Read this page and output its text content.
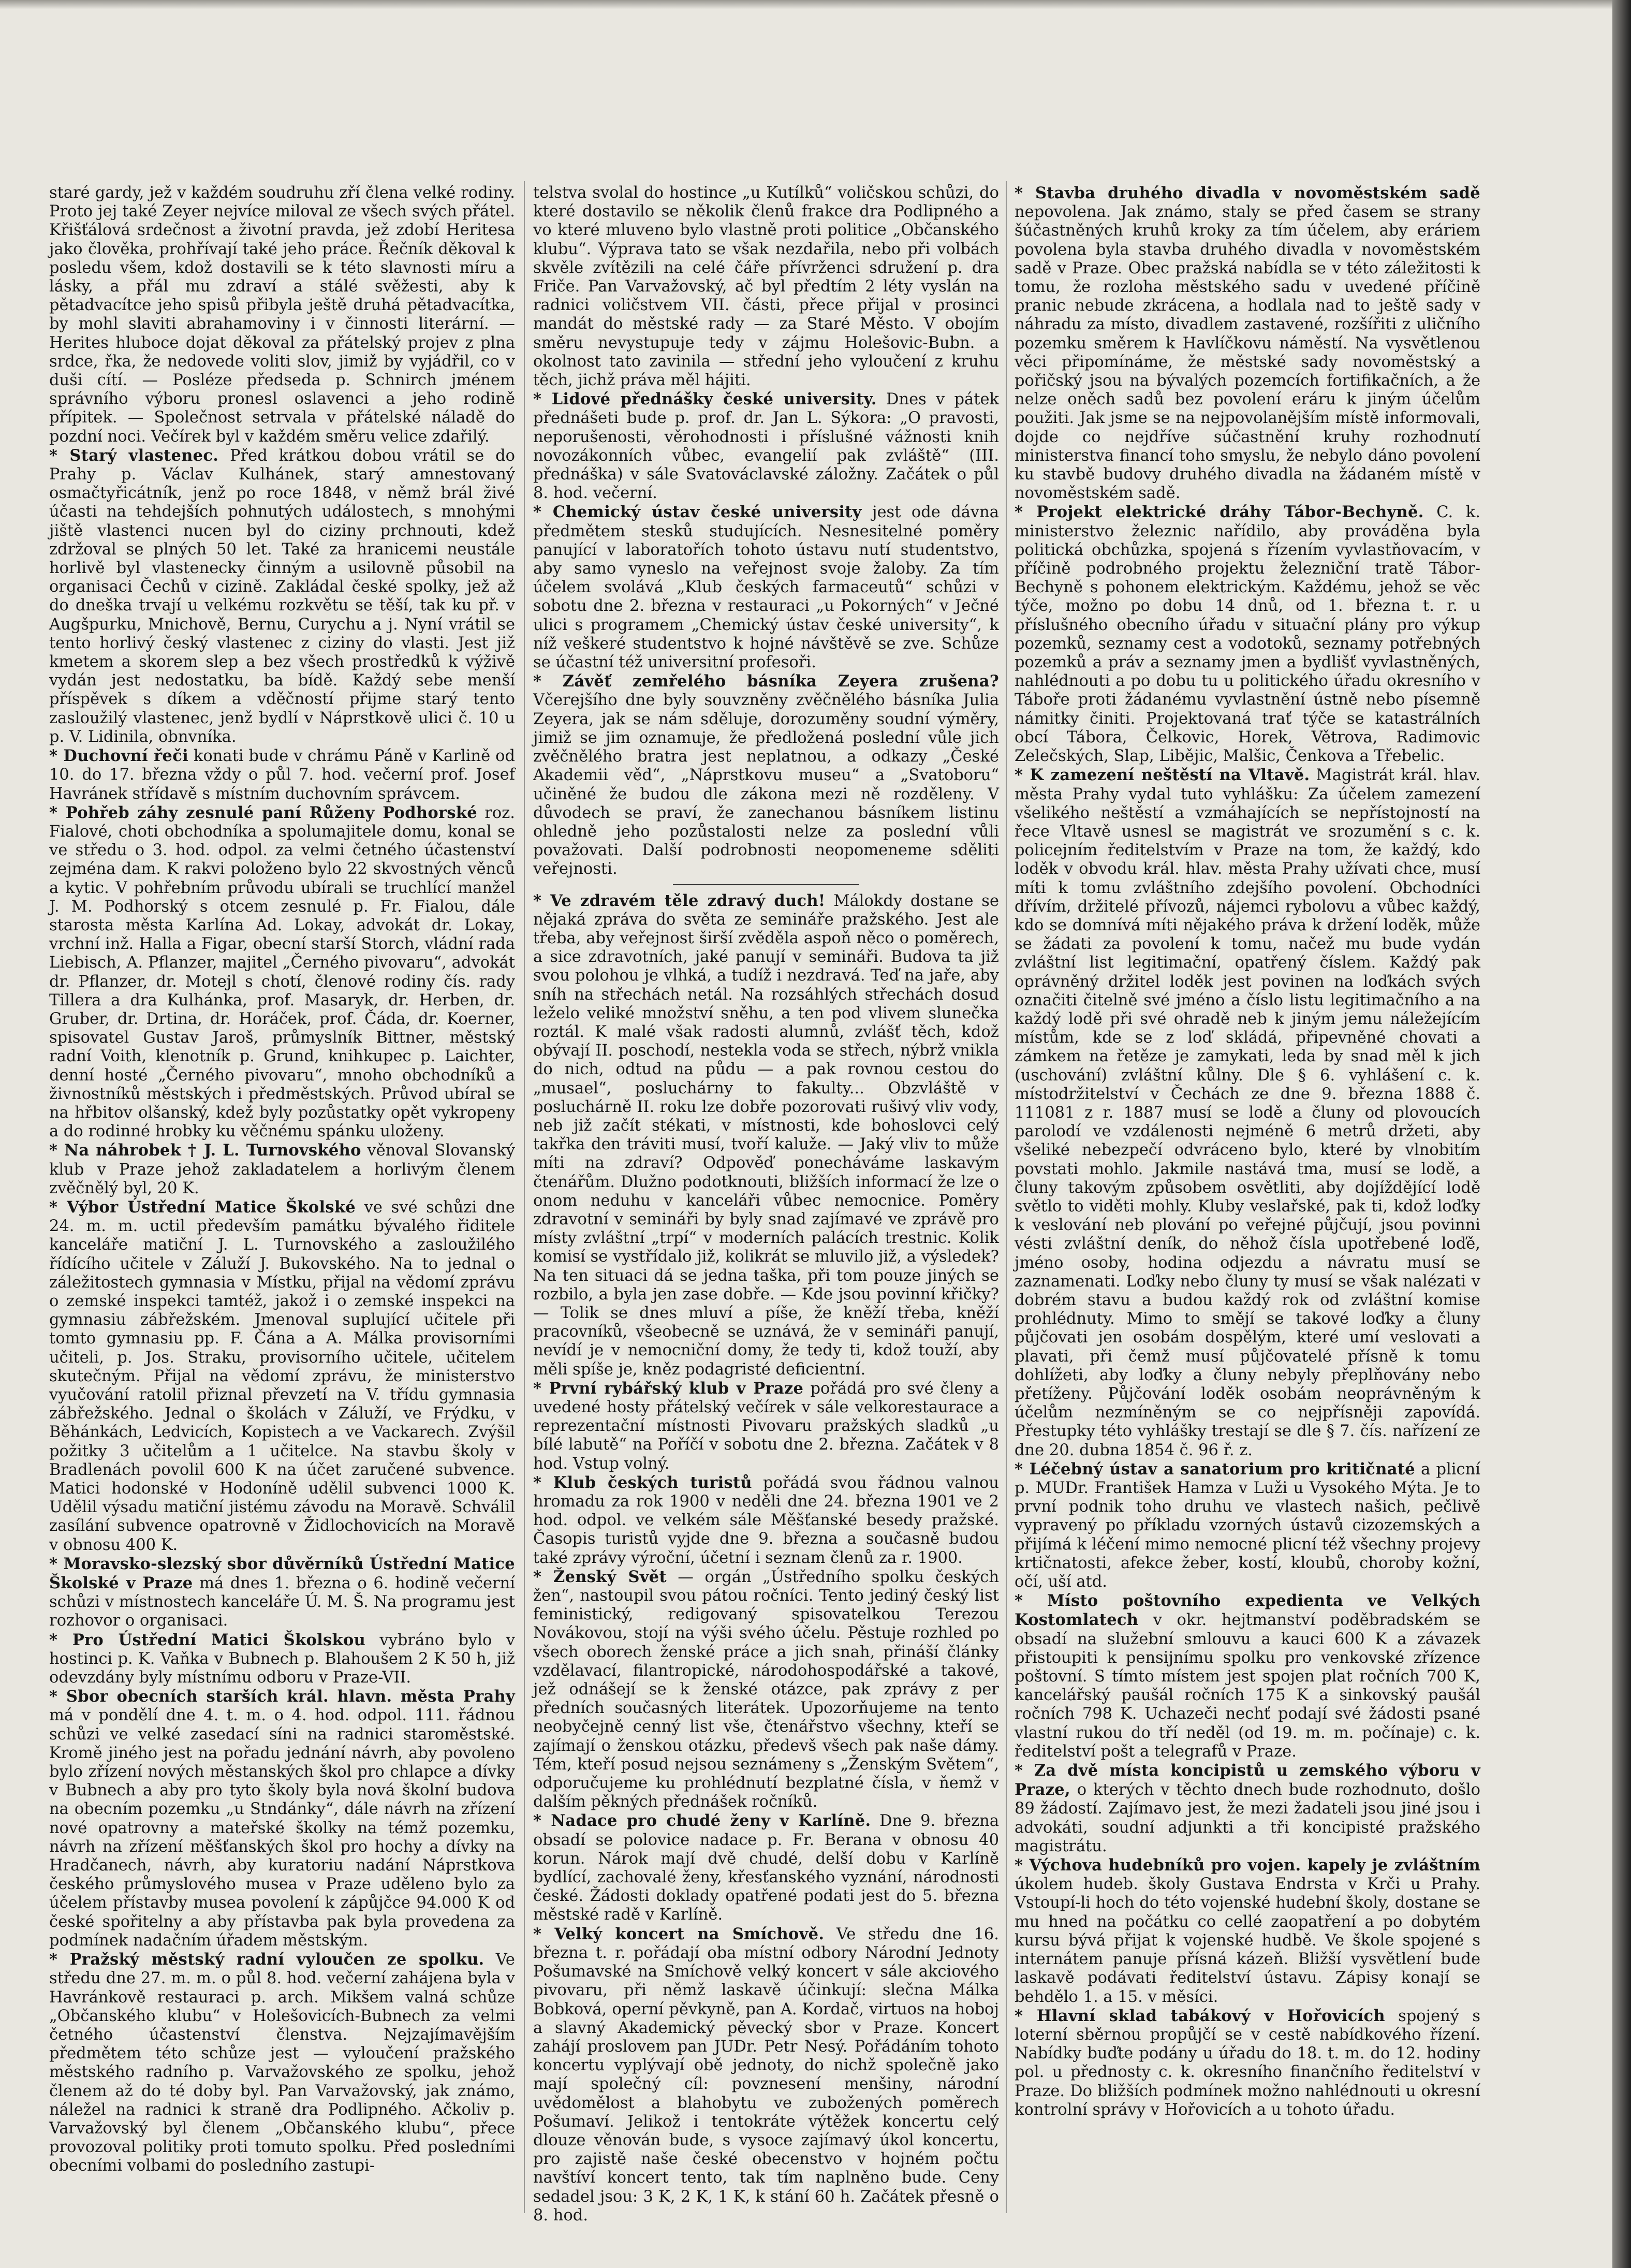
staré gardy, jež v každém soudruhu zří člena velké rodiny. Proto jej také Zeyer nejvíce miloval ze všech svých přátel. Křišťálová srdečnost a životní pravda, jež zdobí Heritesa jako člověka, prohřívají také jeho práce. Řečník děkoval k posledu všem, kdož dostavili se k této slavnosti míru a lásky, a přál mu zdraví a stálé svěžesti, aby k pětadvacítce jeho spisů přibyla ještě druhá pětadvacítka, by mohl slaviti abrahamoviny i v činnosti literární. — Herites hluboce dojat děkoval za přátelský projev z plna srdce, řka, že nedovede voliti slov, jimiž by vyjádřil, co v duši cítí. — Posléze předseda p. Schnirch jménem správního výboru pronesl oslavenci a jeho rodině přípitek. — Společnost setrvala v přátelské náladě do pozdní noci. Večírek byl v každém směru velice zdařilý.

* Starý vlastenec. Před krátkou dobou vrátil se do Prahy p. Václav Kulhánek, starý amnestovaný osmačtyřicátník, jenž po roce 1848, v němž brál živé účasti na tehdejších pohnutých událostech, s mnohými jiště vlastenci nucen byl do ciziny prchnouti, kdež zdržoval se plných 50 let. Také za hranicemi neustále horlivě byl vlastenecky činným a usilovně působil na organisaci Čechů v cizině. Zakládal české spolky, jež až do dneška trvají u velkému rozkvětu se těší, tak ku př. v Augšpurku, Mnichově, Bernu, Curychu a j. Nyní vrátil se tento horlivý český vlastenec z ciziny do vlasti. Jest již kmetem a skorem slep a bez všech prostředků k výživě vydán jest nedostatku, ba bídě. Každý sebe menší příspěvek s díkem a vděčností přijme starý tento zasloužilý vlastenec, jenž bydlí v Náprstkově ulici č. 10 u p. V. Lidinila, obnvníka.

* Duchovní řeči konati bude v chrámu Páně v Karlině od 10. do 17. března vždy o půl 7. hod. večerní prof. Josef Havránek střídavě s místním duchovním správcem.

* Pohřeb záhy zesnulé paní Růženy Podhorské roz. Fialové, choti obchodníka a spolumajitele domu, konal se ve středu o 3. hod. odpol. za velmi četného účastenství zejména dam. K rakvi položeno bylo 22 skvostných věnců a kytic. V pohřebním průvodu ubírali se truchlící manžel J. M. Podhorský s otcem zesnulé p. Fr. Fialou, dále starosta města Karlína Ad. Lokay, advokát dr. Lokay, vrchní inž. Halla a Figar, obecní starší Storch, vládní rada Liebisch, A. Pflanzer, majitel „Černého pivovaru“, advokát dr. Pflanzer, dr. Motejl s chotí, členové rodiny čís. rady Tillera a dra Kulhánka, prof. Masaryk, dr. Herben, dr. Gruber, dr. Drtina, dr. Horáček, prof. Čáda, dr. Koerner, spisovatel Gustav Jaroš, průmyslník Bittner, městský radní Voith, klenotník p. Grund, knihkupec p. Laichter, denní hosté „Černého pivovaru“, mnoho obchodníků a živnostníků městských i předměstských. Průvod ubíral se na hřbitov olšanský, kdež byly pozůstatky opět vykropeny a do rodinné hrobky ku věčnému spánku uloženy.

* Na náhrobek † J. L. Turnovského věnoval Slovanský klub v Praze jehož zakladatelem a horlivým členem zvěčnělý byl, 20 K.

* Výbor Ústřední Matice Školské ve své schůzi dne 24. m. m. uctil především památku bývalého řiditele kanceláře matiční J. L. Turnovského a zasloužilého řídícího učitele v Záluží J. Bukovského. Na to jednal o záležitostech gymnasia v Místku, přijal na vědomí zprávu o zemské inspekci tamtéž, jakož i o zemské inspekci na gymnasiu zábřežském. Jmenoval suplující učitele při tomto gymnasiu pp. F. Čána a A. Málka provisorními učiteli, p. Jos. Straku, provisorního učitele, učitelem skutečným. Přijal na vědomí zprávu, že ministerstvo vyučování ratolil přiznal převzetí na V. třídu gymnasia zábřežského. Jednal o školách v Záluží, ve Frýdku, v Běhánkách, Ledvicích, Kopistech a ve Vackarech. Zvýšil požitky 3 učitelům a 1 učitelce. Na stavbu školy v Bradlenách povolil 600 K na účet zaručené subvence. Matici hodonské v Hodoníně udělil subvenci 1000 K. Udělil výsadu matiční jistému závodu na Moravě. Schválil zasílání subvence opatrovně v Židlochovicích na Moravě v obnosu 400 K.

* Moravsko-slezský sbor důvěrníků Ústřední Matice Školské v Praze má dnes 1. března o 6. hodině večerní schůzi v místnostech kanceláře Ú. M. Š. Na programu jest rozhovor o organisaci.

* Pro Ústřední Matici Školskou vybráno bylo v hostinci p. K. Vaňka v Bubnech p. Blahoušem 2 K 50 h, již odevzdány byly místnímu odboru v Praze-VII.

* Sbor obecních starších král. hlavn. města Prahy má v pondělí dne 4. t. m. o 4. hod. odpol. 111. řádnou schůzi ve velké zasedací síni na radnici staroměstské. Kromě jiného jest na pořadu jednání návrh, aby povoleno bylo zřízení nových městanských škol pro chlapce a dívky v Bubnech a aby pro tyto školy byla nová školní budova na obecním pozemku „u Stndánky“, dále návrh na zřízení nové opatrovny a mateřské školky na témž pozemku, návrh na zřízení měšťanských škol pro hochy a dívky na Hradčanech, návrh, aby kuratoriu nadání Náprstkova českého průmyslového musea v Praze uděleno bylo za účelem přístavby musea povolení k zápůjčce 94.000 K od české spořitelny a aby přístavba pak byla provedena za podmínek nadačním úřadem městským.

* Pražský městský radní vyloučen ze spolku. Ve středu dne 27. m. m. o půl 8. hod. večerní zahájena byla v Havránkově restauraci p. arch. Mikšem valná schůze „Občanského klubu“ v Holešovicích-Bubnech za velmi četného účastenství členstva. Nejzajímavějším předmětem této schůze jest — vyloučení pražského městského radního p. Varvažovského ze spolku, jehož členem až do té doby byl. Pan Varvažovský, jak známo, náležel na radnici k straně dra Podlipného. Ačkoliv p. Varvažovský byl členem „Občanského klubu“, přece provozoval politiky proti tomuto spolku. Před posledními obecními volbami do posledního zastupi-

telstva svolal do hostince „u Kutílků“ voličskou schůzi, do které dostavilo se několik členů frakce dra Podlipného a vo které mluveno bylo vlastně proti politice „Občanského klubu“. Výprava tato se však nezdařila, nebo při volbách skvěle zvítězili na celé čáře přívrženci sdružení p. dra Friče. Pan Varvažovský, ač byl předtím 2 léty vyslán na radnici voličstvem VII. části, přece přijal v prosinci mandát do městské rady — za Staré Město. V obojím směru nevystupuje tedy v zájmu Holešovic-Bubn. a okolnost tato zavinila — střední jeho vyloučení z kruhu těch, jichž práva měl hájiti.

* Lidové přednášky české university. Dnes v pátek přednášeti bude p. prof. dr. Jan L. Sýkora: „O pravosti, neporušenosti, věrohodnosti i příslušné vážnosti knih novozákonních vůbec, evangelií pak zvláště“ (III. přednáška) v sále Svatováclavské záložny. Začátek o půl 8. hod. večerní.

* Chemický ústav české university jest ode dávna předmětem stesků studujících. Nesnesitelné poměry panující v laboratořích tohoto ústavu nutí studentstvo, aby samo vyneslo na veřejnost svoje žaloby. Za tím účelem svolává „Klub českých farmaceutů“ schůzi v sobotu dne 2. března v restauraci „u Pokorných“ v Ječné ulici s programem „Chemický ústav české university“, k níž veškeré studentstvo k hojné návštěvě se zve. Schůze se účastní též universitní profesoři.

* Závěť zemřelého básníka Zeyera zrušena? Včerejšího dne byly souvzněny zvěčnělého básníka Julia Zeyera, jak se nám sděluje, dorozuměny soudní výměry, jimiž se jim oznamuje, že předložená poslední vůle jich zvěčnělého bratra jest neplatnou, a odkazy „České Akademii věd“, „Náprstkovu museu“ a „Svatoboru“ učiněné že budou dle zákona mezi ně rozděleny. V důvodech se praví, že zanechanou básníkem listinu ohledně jeho pozůstalosti nelze za poslední vůli považovati. Další podrobnosti neopomeneme sděliti veřejnosti.

* Ve zdravém těle zdravý duch! Málokdy dostane se nějaká zpráva do světa ze semináře pražského. Jest ale třeba, aby veřejnost širší zvěděla aspoň něco o poměrech, a sice zdravotních, jaké panují v semináři. Budova ta již svou polohou je vlhká, a tudíž i nezdravá. Teď na jaře, aby sníh na střechách netál. Na rozsáhlých střechách dosud leželo veliké množství sněhu, a ten pod vlivem slunečka roztál. K malé však radosti alumnů, zvlášť těch, kdož obývají II. poschodí, nestekla voda se střech, nýbrž vnikla do nich, odtud na půdu — a pak rovnou cestou do „musael“, posluchárny to fakulty... Obzvláště v posluchárně II. roku lze dobře pozorovati rušivý vliv vody, neb již začít stékati, v místnosti, kde bohoslovci celý takřka den tráviti musí, tvoří kaluže. — Jaký vliv to může míti na zdraví? Odpověď ponecháváme laskavým čtenářům. Dlužno podotknouti, bližších informací že lze o onom neduhu v kanceláři vůbec nemocnice. Poměry zdravotní v semináři by byly snad zajímavé ve zprávě pro místy zvláštní „trpí“ v moderních palácích trestnic. Kolik komisí se vystřídalo již, kolikrát se mluvilo již, a výsledek? Na ten situaci dá se jedna taška, při tom pouze jiných se rozbilo, a byla jen zase dobře. — Kde jsou povinní křičky? — Tolik se dnes mluví a píše, že kněží třeba, kněží pracovníků, všeobecně se uznává, že v semináři panují, nevídí je v nemocniční domy, že tedy ti, kdož touží, aby měli spíše je, kněz podagristé deficientní.

* První rybářský klub v Praze pořádá pro své členy a uvedené hosty přátelský večírek v sále velkorestaurace a reprezentační místnosti Pivovaru pražských sladků „u bílé labutě“ na Poříčí v sobotu dne 2. března. Začátek v 8 hod. Vstup volný.

* Klub českých turistů pořádá svou řádnou valnou hromadu za rok 1900 v neděli dne 24. března 1901 ve 2 hod. odpol. ve velkém sále Měšťanské besedy pražské. Časopis turistů vyjde dne 9. března a současně budou také zprávy výroční, účetní i seznam členů za r. 1900.

* Ženský Svět — orgán „Ústředního spolku českých žen“, nastoupil svou pátou ročníci. Tento jediný český list feministický, redigovaný spisovatelkou Terezou Novákovou, stojí na výši svého účelu. Pěstuje rozhled po všech oborech ženské práce a jich snah, přináší články vzdělavací, filantropické, národohospodářské a takové, jež odnášejí se k ženské otázce, pak zprávy z per předních současných literátek. Upozorňujeme na tento neobyčejně cenný list vše, čtenářstvo všechny, kteří se zajímají o ženskou otázku, předevš všech pak naše dámy. Tém, kteří posud nejsou seznámeny s „Ženským Světem“, odporučujeme ku prohlédnutí bezplatné čísla, v ňemž v dalším pěkných přednášek ročníků.

* Nadace pro chudé ženy v Karlíně. Dne 9. března obsadí se polovice nadace p. Fr. Berana v obnosu 40 korun. Nárok mají dvě chudé, delší dobu v Karlíně bydlící, zachovalé ženy, křesťanského vyznání, národnosti české. Žádosti doklady opatřené podati jest do 5. března městské radě v Karlíně.

* Velký koncert na Smíchově. Ve středu dne 16. března t. r. pořádají oba místní odbory Národní Jednoty Pošumavské na Smíchově velký koncert v sále akciového pivovaru, při němž laskavě účinkují: slečna Málka Bobková, operní pěvkyně, pan A. Kordač, virtuos na hoboj a slavný Akademický pěvecký sbor v Praze. Koncert zahájí proslovem pan JUDr. Petr Nesý. Pořádáním tohoto koncertu vyplývají obě jednoty, do nichž společně jako mají společný cíl: povznesení menšiny, národní uvědomělost a blahobytu ve zubožených poměrech Pošumaví. Jelikož i tentokráte výtěžek koncertu celý dlouze věnován bude, s vysoce zajímavý úkol koncertu, pro zajistě naše české obecenstvo v hojném počtu navštíví koncert tento, tak tím naplněno bude. Ceny sedadel jsou: 3 K, 2 K, 1 K, k stání 60 h. Začátek přesně o 8. hod.

* Stavba druhého divadla v novoměstském sadě nepovolena. Jak známo, staly se před časem se strany šúčastněných kruhů kroky za tím účelem, aby eráriem povolena byla stavba druhého divadla v novoměstském sadě v Praze. Obec pražská nabídla se v této záležitosti k tomu, že rozloha městského sadu v uvedené příčině pranic nebude zkrácena, a hodlala nad to ještě sady v náhradu za místo, divadlem zastavené, rozšířiti z uličního pozemku směrem k Havlíčkovu náměstí. Na vysvětlenou věci připomínáme, že městské sady novoměstský a pořičský jsou na bývalých pozemcích fortifikačních, a že nelze oněch sadů bez povolení eráru k jiným účelům použiti. Jak jsme se na nejpovolanějším místě informovali, dojde co nejdříve súčastnění kruhy rozhodnutí ministerstva financí toho smyslu, že nebylo dáno povolení ku stavbě budovy druhého divadla na žádaném místě v novoměstském sadě.

* Projekt elektrické dráhy Tábor-Bechyně. C. k. ministerstvo železnic nařídilo, aby prováděna byla politická obchůzka, spojená s řízením vyvlastňovacím, v příčině podrobného projektu železniční tratě Tábor-Bechyně s pohonem elektrickým. Každému, jehož se věc týče, možno po dobu 14 dnů, od 1. března t. r. u příslušného obecního úřadu v situační plány pro výkup pozemků, seznamy cest a vodotoků, seznamy potřebných pozemků a práv a seznamy jmen a bydlišť vyvlastněných, nahlédnouti a po dobu tu u politického úřadu okresního v Táboře proti žádanému vyvlastnění ústně nebo písemně námitky činiti. Projektovaná trať týče se katastrálních obcí Tábora, Čelkovic, Horek, Větrova, Radimovic Zelečských, Slap, Libějic, Malšic, Čenkova a Třebelic.

* K zamezení neštěstí na Vltavě. Magistrát král. hlav. města Prahy vydal tuto vyhlášku: Za účelem zamezení všelikého neštěstí a vzmáhajících se nepřístojností na řece Vltavě usnesl se magistrát ve srozumění s c. k. policejním ředitelstvím v Praze na tom, že každý, kdo loděk v obvodu král. hlav. města Prahy užívati chce, musí míti k tomu zvláštního zdejšího povolení. Obchodníci dřívím, držitelé přívozů, nájemci rybolovu a vůbec každý, kdo se domnívá míti nějakého práva k držení loděk, může se žádati za povolení k tomu, načež mu bude vydán zvláštní list legitimační, opatřený číslem. Každý pak oprávněný držitel loděk jest povinen na loďkách svých označiti čitelně své jméno a číslo listu legitimačního a na každý lodě při své ohradě neb k jiným jemu náležejícím místům, kde se z loď skládá, připevněné chovati a zámkem na řetěze je zamykati, leda by snad měl k jich (uschování) zvláštní kůlny. Dle § 6. vyhlášení c. k. místodržitelství v Čechách ze dne 9. března 1888 č. 111081 z r. 1887 musí se lodě a čluny od plovoucích parolodí ve vzdálenosti nejméně 6 metrů držeti, aby všeliké nebezpečí odvráceno bylo, které by vlnobitím povstati mohlo. Jakmile nastává tma, musí se lodě, a čluny takovým způsobem osvětliti, aby dojíždějící lodě světlo to viděti mohly. Kluby veslařské, pak ti, kdož loďky k veslování neb plování po veřejné půjčují, jsou povinni vésti zvláštní deník, do něhož čísla upotřebené loďě, jméno osoby, hodina odjezdu a návratu musí se zaznamenati. Loďky nebo čluny ty musí se však nalézati v dobrém stavu a budou každý rok od zvláštní komise prohlédnuty. Mimo to smějí se takové loďky a čluny půjčovati jen osobám dospělým, které umí veslovati a plavati, při čemž musí půjčovatelé přísně k tomu dohlížeti, aby loďky a čluny nebyly přeplňovány nebo přetíženy. Půjčování loděk osobám neoprávněným k účelům nezmíněným se co nejpřísněji zapovídá. Přestupky této vyhlášky trestají se dle § 7. čís. nařízení ze dne 20. dubna 1854 č. 96 ř. z.

* Léčebný ústav a sanatorium pro kritičnaté a plicní p. MUDr. František Hamza v Luži u Vysokého Mýta. Je to první podnik toho druhu ve vlastech našich, pečlivě vypravený po příkladu vzorných ústavů cizozemských a přijímá k léčení mimo nemocné plicní též všechny projevy krtičnatosti, afekce žeber, kostí, kloubů, choroby kožní, očí, uší atd.

* Místo poštovního expedienta ve Velkých Kostomlatech v okr. hejtmanství poděbradském se obsadí na služební smlouvu a kauci 600 K a závazek přistoupiti k pensijnímu spolku pro venkovské zřízence poštovní. S tímto místem jest spojen plat ročních 700 K, kancelářský paušál ročních 175 K a sinkovský paušál ročních 798 K. Uchazeči nechť podají své žádosti psané vlastní rukou do tří neděl (od 19. m. m. počínaje) c. k. ředitelství pošt a telegrafů v Praze.

* Za dvě místa koncipistů u zemského výboru v Praze, o kterých v těchto dnech bude rozhodnuto, došlo 89 žádostí. Zajímavo jest, že mezi žadateli jsou jiné jsou i advokáti, soudní adjunkti a tři koncipisté pražského magistrátu.

* Výchova hudebníků pro vojen. kapely je zvláštním úkolem hudeb. školy Gustava Endrsta v Krči u Prahy. Vstoupí-li hoch do této vojenské hudební školy, dostane se mu hned na počátku co cellé zaopatření a po dobytém kursu bývá přijat k vojenské hudbě. Ve škole spojené s internátem panuje přísná kázeň. Bližší vysvětlení bude laskavě podávati ředitelství ústavu. Zápisy konají se behdělo 1. a 15. v měsíci.

* Hlavní sklad tabákový v Hořovicích spojený s loterní sběrnou propůjčí se v cestě nabídkového řízení. Nabídky buďte podány u úřadu do 18. t. m. do 12. hodiny pol. u přednosty c. k. okresního finančního ředitelství v Praze. Do bližších podmínek možno nahlédnouti u okresní kontrolní správy v Hořovicích a u tohoto úřadu.
